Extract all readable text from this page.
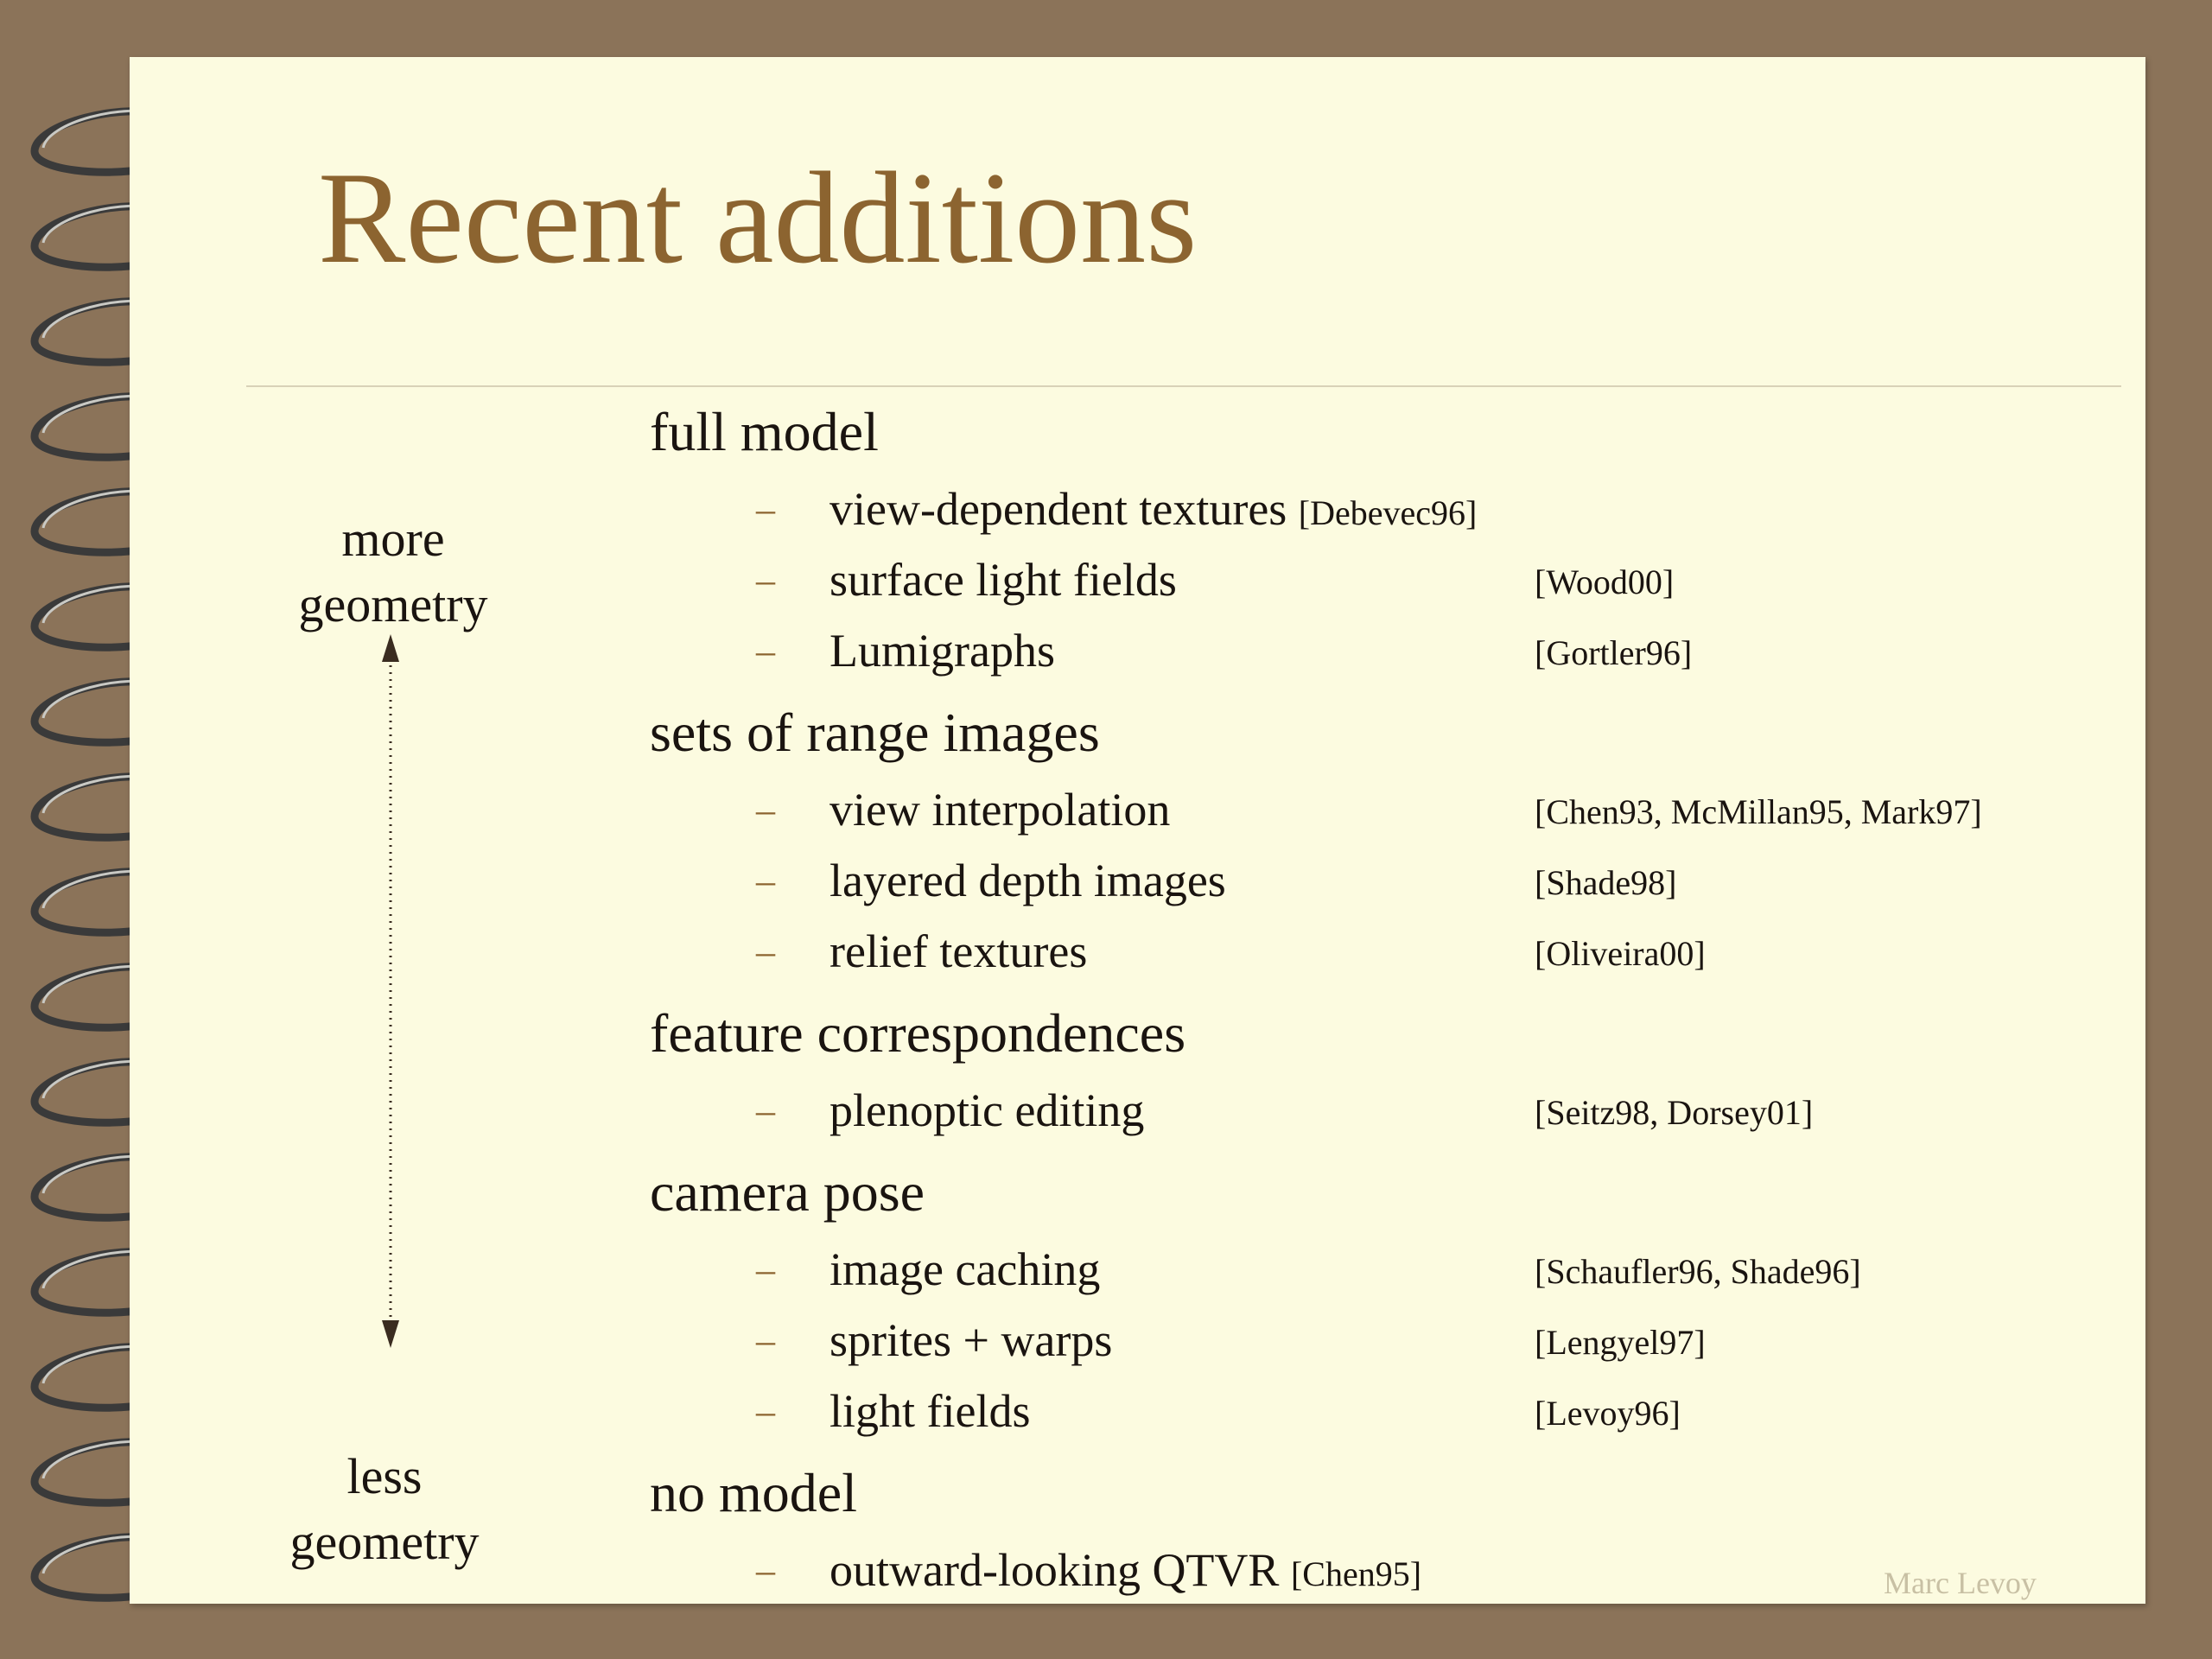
Recent additions
more
geometry
less
geometry
full model
– view-dependent textures [Debevec96]
– surface light fields	[Wood00]
– Lumigraphs	[Gortler96]
sets of range images
– view interpolation	[Chen93, McMillan95, Mark97]
– layered depth images	[Shade98]
– relief textures	[Oliveira00]
feature correspondences
– plenoptic editing	[Seitz98, Dorsey01]
camera pose
– image caching	[Schaufler96, Shade96]
– sprites + warps	[Lengyel97]
– light fields	[Levoy96]
no model
– outward-looking QTVR [Chen95]	Marc Levoy
